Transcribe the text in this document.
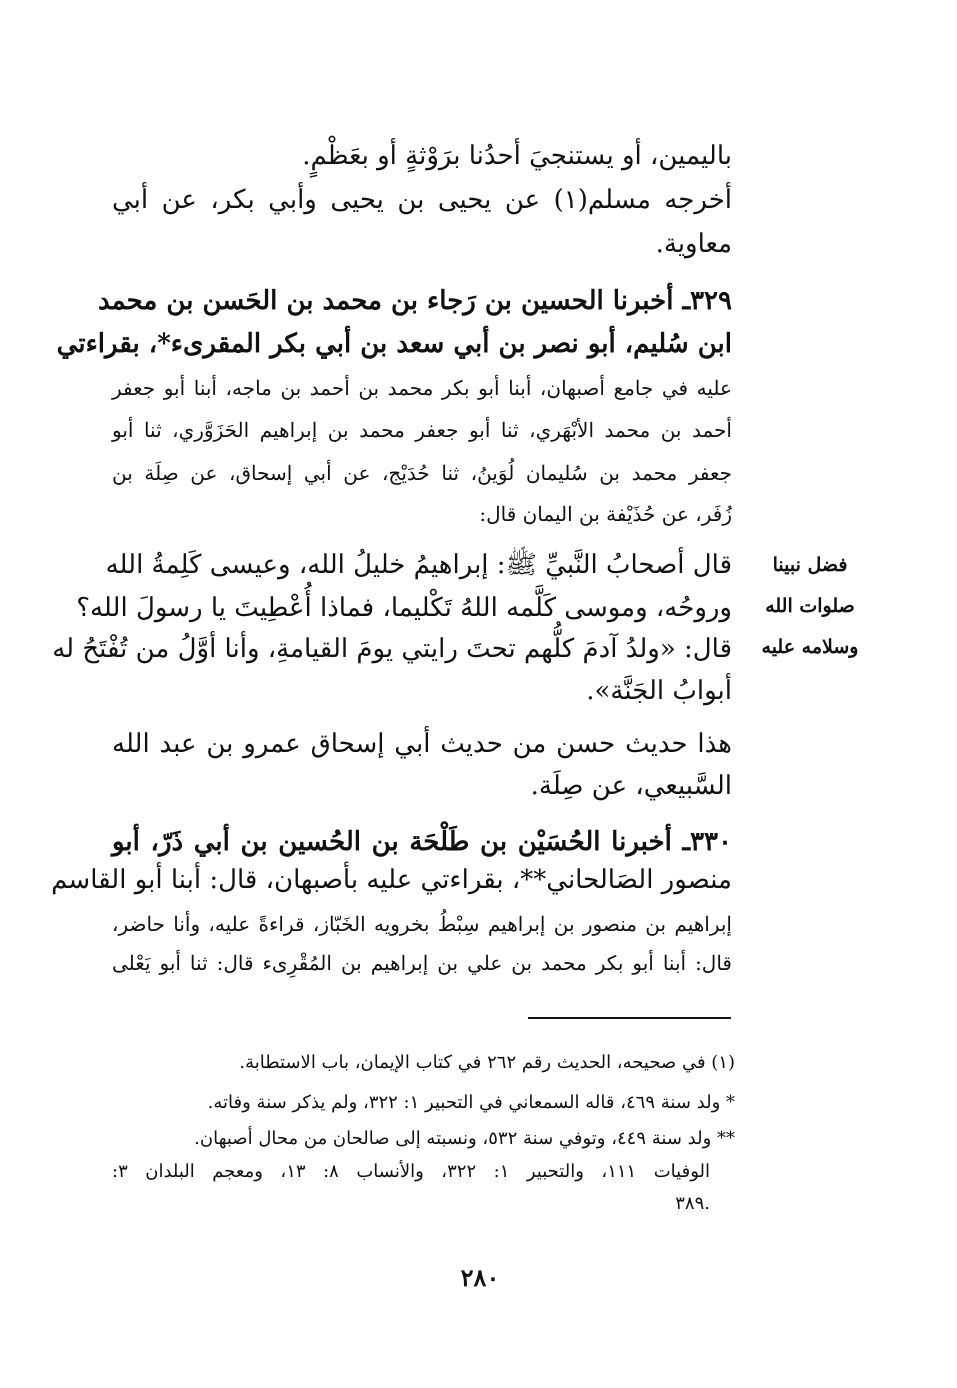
باليمين، أو يستنجيَ أحدُنا برَوْثةٍ أو بعَظْمٍ.
أخرجه مسلم(١) عن يحيى بن يحيى وأبي بكر، عن أبي
معاوية.
٣٢٩ـ أخبرنا الحسين بن رَجاء بن محمد بن الحَسن بن محمد
ابن سُليم، أبو نصر بن أبي سعد بن أبي بكر المقرىء*، بقراءتي
عليه في جامع أصبهان، أبنا أبو بكر محمد بن أحمد بن ماجه، أبنا أبو جعفر
أحمد بن محمد الأبْهَري، ثنا أبو جعفر محمد بن إبراهيم الحَزَوَّري، ثنا أبو
جعفر محمد بن سُليمان لُوَينُ، ثنا حُدَيْج، عن أبي إسحاق، عن صِلَة بن
زُفَر، عن حُذَيْفة بن اليمان قال:
قال أصحابُ النَّبيِّ ﷺ: إبراهيمُ خليلُ الله، وعيسى كَلِمةُ الله
وروحُه، وموسى كَلَّمه اللهُ تَكْليما، فماذا أُعْطِيتَ يا رسولَ الله؟
قال: «ولدُ آدمَ كلُّهم تحتَ رايتي يومَ القيامةِ، وأنا أوَّلُ من تُفْتَحُ له
أبوابُ الجَنَّة».
فضل نبينا
صلوات الله
وسلامه عليه
هذا حديث حسن من حديث أبي إسحاق عمرو بن عبد الله
السَّبيعي، عن صِلَة.
٣٣٠ـ أخبرنا الحُسَيْن بن طَلْحَة بن الحُسين بن أبي ذَرّ، أبو
منصور الصَالحاني**، بقراءتي عليه بأصبهان، قال: أبنا أبو القاسم
إبراهيم بن منصور بن إبراهيم سِبْطُ بخرويه الخَبّاز، قراءةً عليه، وأنا حاضر،
قال: أبنا أبو بكر محمد بن علي بن إبراهيم بن المُقْرِىء قال: ثنا أبو يَعْلى
(١) في صحيحه، الحديث رقم ٢٦٢ في كتاب الإيمان، باب الاستطابة.
* ولد سنة ٤٦٩، قاله السمعاني في التحبير ١: ٣٢٢، ولم يذكر سنة وفاته.
** ولد سنة ٤٤٩، وتوفي سنة ٥٣٢، ونسبته إلى صالحان من محال أصبهان.
الوفيات ١١١، والتحبير ١: ٣٢٢، والأنساب ٨: ١٣، ومعجم البلدان ٣:
٣٨٩.
٢٨٠
